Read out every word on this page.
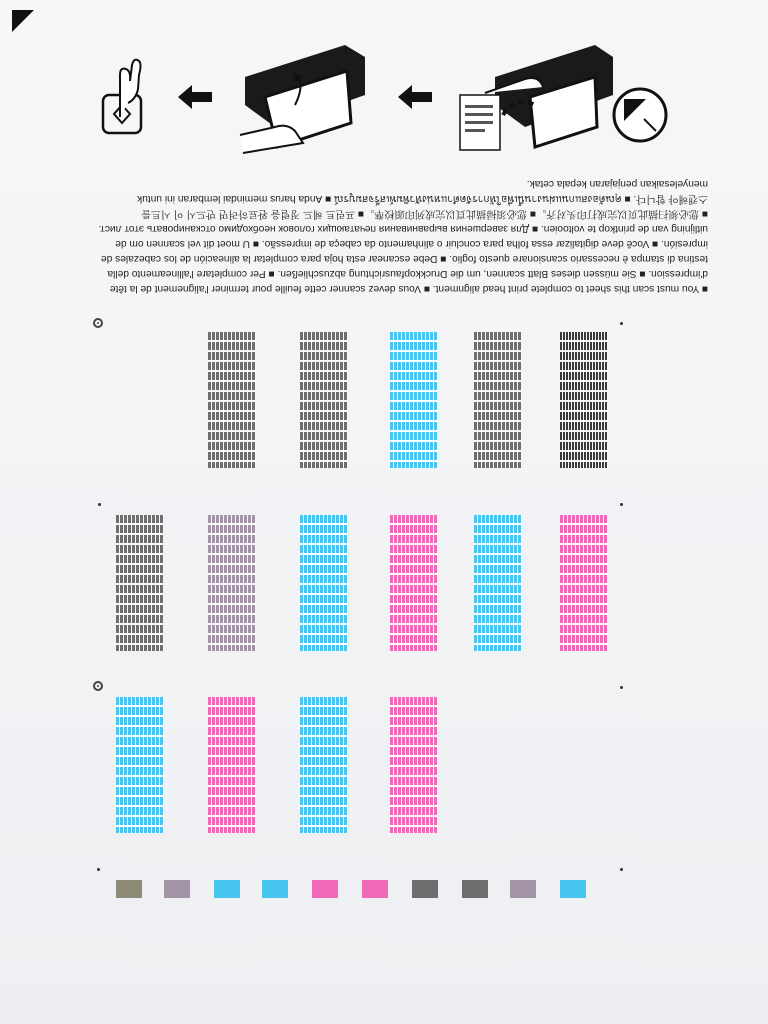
■ You must scan this sheet to complete print head alignment. ■ Vous devez scanner cette feuille pour terminer l'alignement de la tête
d'impression. ■ Sie müssen dieses Blatt scannen, um die Druckkopfausrichtung abzuschließen. ■ Per completare l'allineamento della
testina di stampa è necessario scansionare questo foglio. ■ Debe escanear esta hoja para completar la alineación de los cabezales de
impresión. ■ Você deve digitalizar essa folha para concluir o alinhamento da cabeça de impressão. ■ U moet dit vel scannen om de
uitlijning van de printkop te voltooien. ■ Для завершения выравнивания печатающих головок необходимо отсканировать этот лист.
■ 您必须扫描此页以完成打印头对齐。■ 您必須掃描此頁以完成列印頭校準。■ 프린트 헤드 정렬을 완료하려면 반드시 이 시트를
스캔해야 합니다. ■ คุณต้องสแกนแผ่นงานนี้เพื่อให้การจัดตำแหน่งหัวพิมพ์เสร็จสมบูรณ์ ■ Anda harus memindai lembaran ini untuk
menyelesaikan penjajaran kepala cetak.
